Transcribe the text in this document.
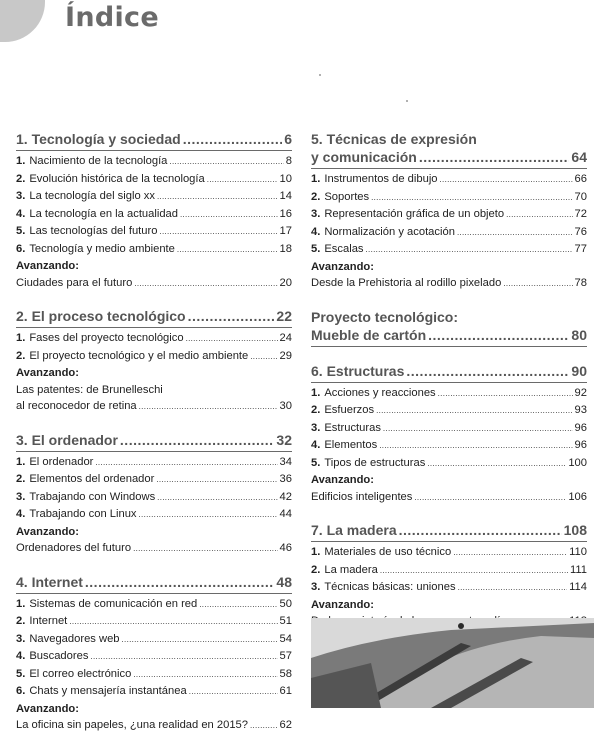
Índice
1. Tecnología y sociedad .....	6
1. Nacimiento de la tecnología .....	8
2. Evolución histórica de la tecnología .....	10
3. La tecnología del siglo xx .....	14
4. La tecnología en la actualidad .....	16
5. Las tecnologías del futuro .....	17
6. Tecnología y medio ambiente .....	18
Avanzando:
Ciudades para el futuro .....	20
2. El proceso tecnológico .....	22
1. Fases del proyecto tecnológico .....	24
2. El proyecto tecnológico y el medio ambiente .....	29
Avanzando:
Las patentes: de Brunelleschi
al reconocedor de retina .....	30
3. El ordenador .....	32
1. El ordenador .....	34
2. Elementos del ordenador .....	36
3. Trabajando con Windows .....	42
4. Trabajando con Linux .....	44
Avanzando:
Ordenadores del futuro .....	46
4. Internet .....	48
1. Sistemas de comunicación en red .....	50
2. Internet .....	51
3. Navegadores web .....	54
4. Buscadores .....	57
5. El correo electrónico .....	58
6. Chats y mensajería instantánea .....	61
Avanzando:
La oficina sin papeles, ¿una realidad en 2015? .....	62
5. Técnicas de expresión
y comunicación .....	64
1. Instrumentos de dibujo .....	66
2. Soportes .....	70
3. Representación gráfica de un objeto .....	72
4. Normalización y acotación .....	76
5. Escalas .....	77
Avanzando:
Desde la Prehistoria al rodillo pixelado .....	78
Proyecto tecnológico:
Mueble de cartón .....	80
6. Estructuras .....	90
1. Acciones y reacciones .....	92
2. Esfuerzos .....	93
3. Estructuras .....	96
4. Elementos .....	96
5. Tipos de estructuras .....	100
Avanzando:
Edificios inteligentes .....	106
7. La madera .....	108
1. Materiales de uso técnico .....	110
2. La madera .....	111
3. Técnicas básicas: uniones .....	114
Avanzando:
.....
